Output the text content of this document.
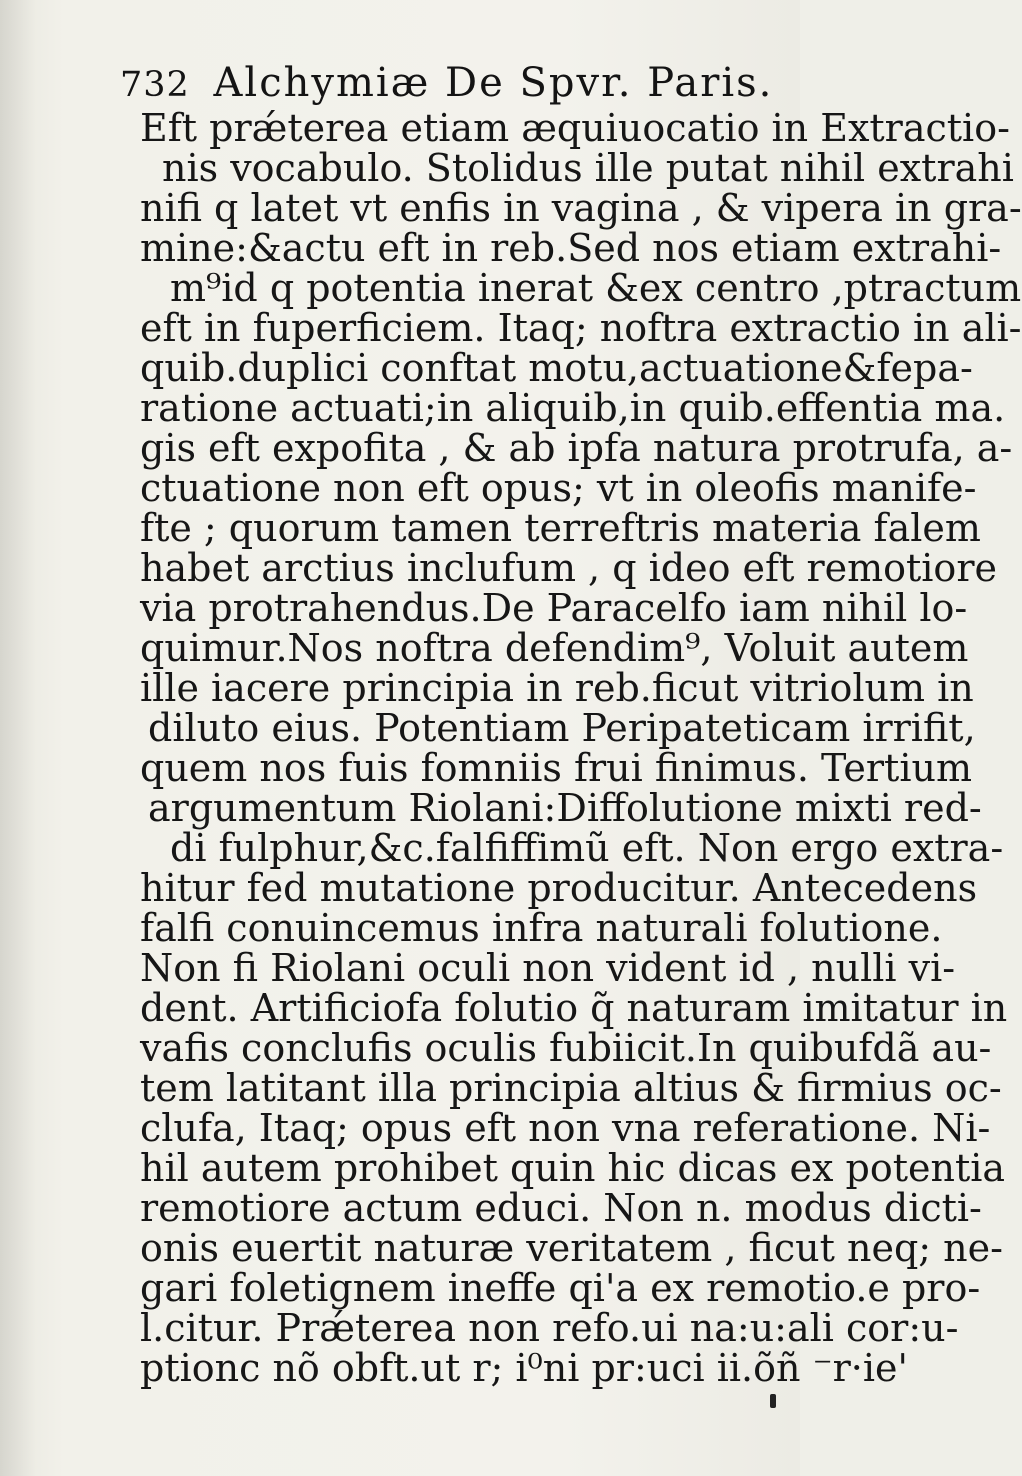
732 Alchymiæ De Spvr. Paris.
Eft prǽterea etiam æquiuocatio in Extractio-
nis vocabulo. Stolidus ille putat nihil extrahi
nifi q latet vt enfis in vagina , & vipera in gra-
mine:&actu eft in reb.Sed nos etiam extrahi-
m⁹id q potentia inerat &ex centro ,ptractum
eft in fuperficiem. Itaq; noftra extractio in ali-
quib.duplici conftat motu,actuatione&fepa-
ratione actuati;in aliquib,in quib.effentia ma.
gis eft expofita , & ab ipfa natura protrufa, a-
ctuatione non eft opus; vt in oleofis manife-
fte ; quorum tamen terreftris materia falem
habet arctius inclufum , q ideo eft remotiore
via protrahendus.De Paracelfo iam nihil lo-
quimur.Nos noftra defendim⁹, Voluit autem
ille iacere principia in reb.ficut vitriolum in
diluto eius. Potentiam Peripateticam irrifit,
quem nos fuis fomniis frui finimus. Tertium
argumentum Riolani:Diffolutione mixti red-
di fulphur,&c.falfiffimũ eft. Non ergo extra-
hitur fed mutatione producitur. Antecedens
falfi conuincemus infra naturali folutione.
Non fi Riolani oculi non vident id , nulli vi-
dent. Artificiofa folutio q̃ naturam imitatur in
vafis conclufis oculis fubiicit.In quibufdã au-
tem latitant illa principia altius & firmius oc-
clufa, Itaq; opus eft non vna referatione. Ni-
hil autem prohibet quin hic dicas ex potentia
remotiore actum educi. Non n. modus dicti-
onis euertit naturæ veritatem , ficut neq; ne-
gari foletignem ineffe qi'a ex remotio.e pro-
l.citur. Prǽterea non refo.ui na:u:ali cor:u-
ptionc nõ obft.ut r; i⁰ni pr:uci ii.õñ ⁻r·ie'
